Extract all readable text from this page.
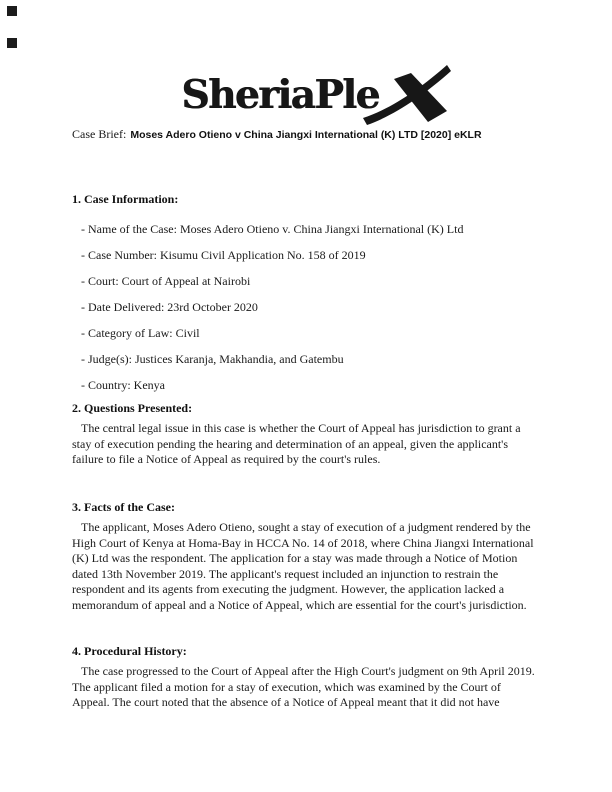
SheriaPle
Case Brief: Moses Adero Otieno v China Jiangxi International (K) LTD [2020] eKLR
1. Case Information:
- Name of the Case: Moses Adero Otieno v. China Jiangxi International (K) Ltd
- Case Number: Kisumu Civil Application No. 158 of 2019
- Court: Court of Appeal at Nairobi
- Date Delivered: 23rd October 2020
- Category of Law: Civil
- Judge(s): Justices Karanja, Makhandia, and Gatembu
- Country: Kenya
2. Questions Presented:
The central legal issue in this case is whether the Court of Appeal has jurisdiction to grant a
stay of execution pending the hearing and determination of an appeal, given the applicant's
failure to file a Notice of Appeal as required by the court's rules.
3. Facts of the Case:
The applicant, Moses Adero Otieno, sought a stay of execution of a judgment rendered by the
High Court of Kenya at Homa-Bay in HCCA No. 14 of 2018, where China Jiangxi International
(K) Ltd was the respondent. The application for a stay was made through a Notice of Motion
dated 13th November 2019. The applicant's request included an injunction to restrain the
respondent and its agents from executing the judgment. However, the application lacked a
memorandum of appeal and a Notice of Appeal, which are essential for the court's jurisdiction.
4. Procedural History:
The case progressed to the Court of Appeal after the High Court's judgment on 9th April 2019.
The applicant filed a motion for a stay of execution, which was examined by the Court of
Appeal. The court noted that the absence of a Notice of Appeal meant that it did not have
